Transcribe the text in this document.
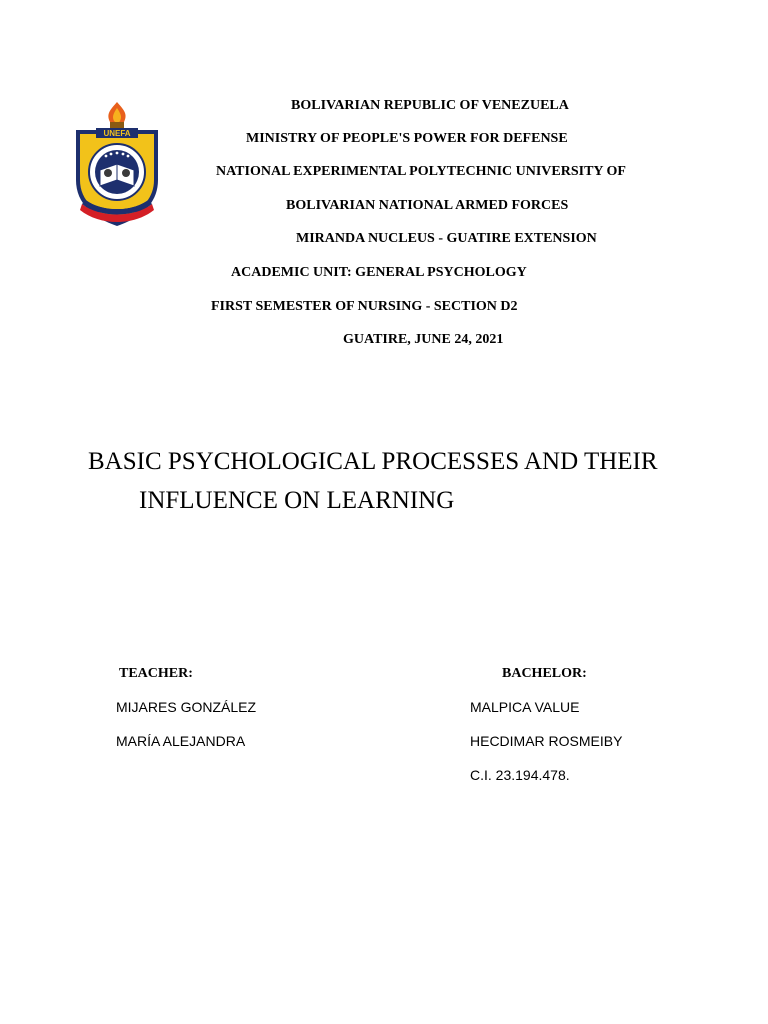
UNEFA
BOLIVARIAN REPUBLIC OF VENEZUELA
MINISTRY OF PEOPLE'S POWER FOR DEFENSE
NATIONAL EXPERIMENTAL POLYTECHNIC UNIVERSITY OF
BOLIVARIAN NATIONAL ARMED FORCES
MIRANDA NUCLEUS - GUATIRE EXTENSION
ACADEMIC UNIT: GENERAL PSYCHOLOGY
FIRST SEMESTER OF NURSING - SECTION D2
GUATIRE, JUNE 24, 2021
BASIC PSYCHOLOGICAL PROCESSES AND THEIR
INFLUENCE ON LEARNING
TEACHER:
MIJARES GONZÁLEZ
MARÍA ALEJANDRA
BACHELOR:
MALPICA VALUE
HECDIMAR ROSMEIBY
C.I. 23.194.478.
